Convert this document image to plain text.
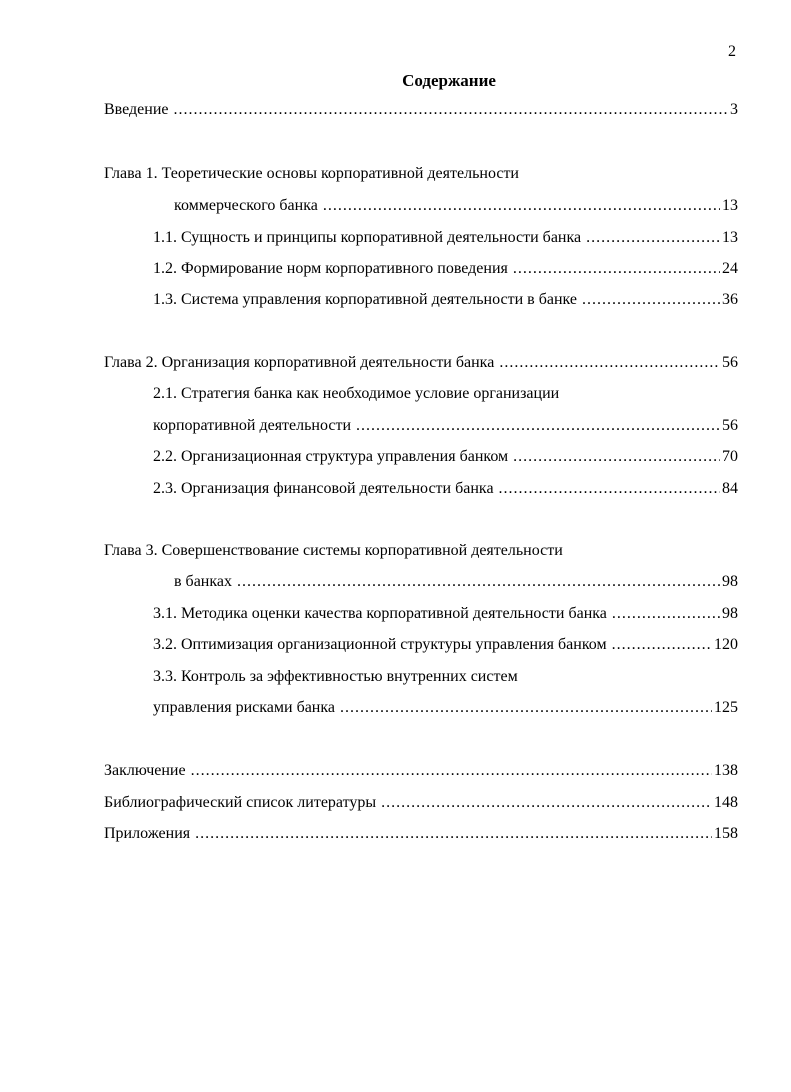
2
Содержание
Введение .....	3
Глава 1. Теоретические основы корпоративной деятельности
коммерческого банка .....	13
1.1. Сущность и принципы корпоративной деятельности банка .....	13
1.2. Формирование норм корпоративного поведения .....	24
1.3. Система управления корпоративной деятельности в банке .....	36
Глава 2. Организация корпоративной деятельности банка .....	56
2.1. Стратегия банка как необходимое условие организации
корпоративной деятельности .....	56
2.2. Организационная структура управления банком .....	70
2.3. Организация финансовой деятельности банка .....	84
Глава 3. Совершенствование системы корпоративной деятельности
в банках .....	98
3.1. Методика оценки качества корпоративной деятельности банка .....	98
3.2. Оптимизация организационной структуры управления банком .....	120
3.3. Контроль за эффективностью внутренних систем
управления рисками банка .....	125
Заключение .....	138
Библиографический список литературы .....	148
Приложения .....	158
